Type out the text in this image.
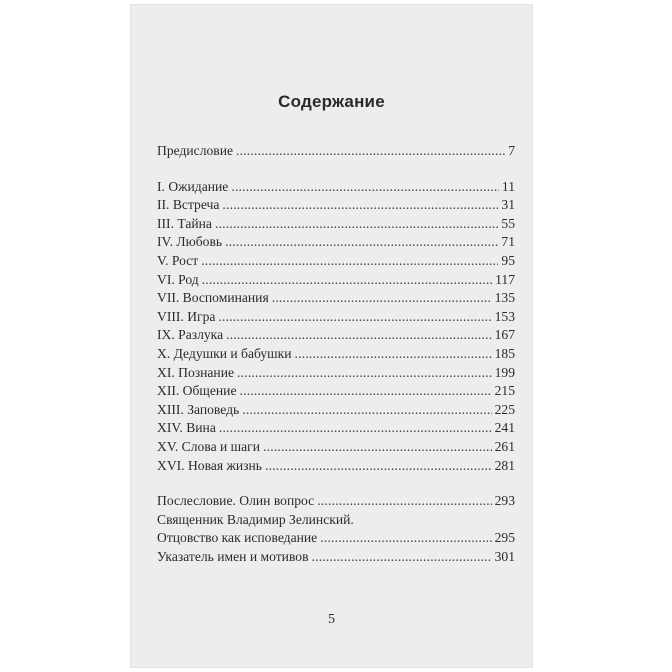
Содержание
Предисловие . . .	7
I. Ожидание . . .	11
II. Встреча . . .	31
III. Тайна . . .	55
IV. Любовь . . .	71
V. Рост . . .	95
VI. Род . . .	117
VII. Воспоминания . . .	135
VIII. Игра . . .	153
IX. Разлука . . .	167
X. Дедушки и бабушки . . .	185
XI. Познание . . .	199
XII. Общение . . .	215
XIII. Заповедь . . .	225
XIV. Вина . . .	241
XV. Слова и шаги . . .	261
XVI. Новая жизнь . . .	281
Послесловие. Олин вопрос . . .	293
Священник Владимир Зелинский.
Отцовство как исповедание . . .	295
Указатель имен и мотивов . . .	301
5
